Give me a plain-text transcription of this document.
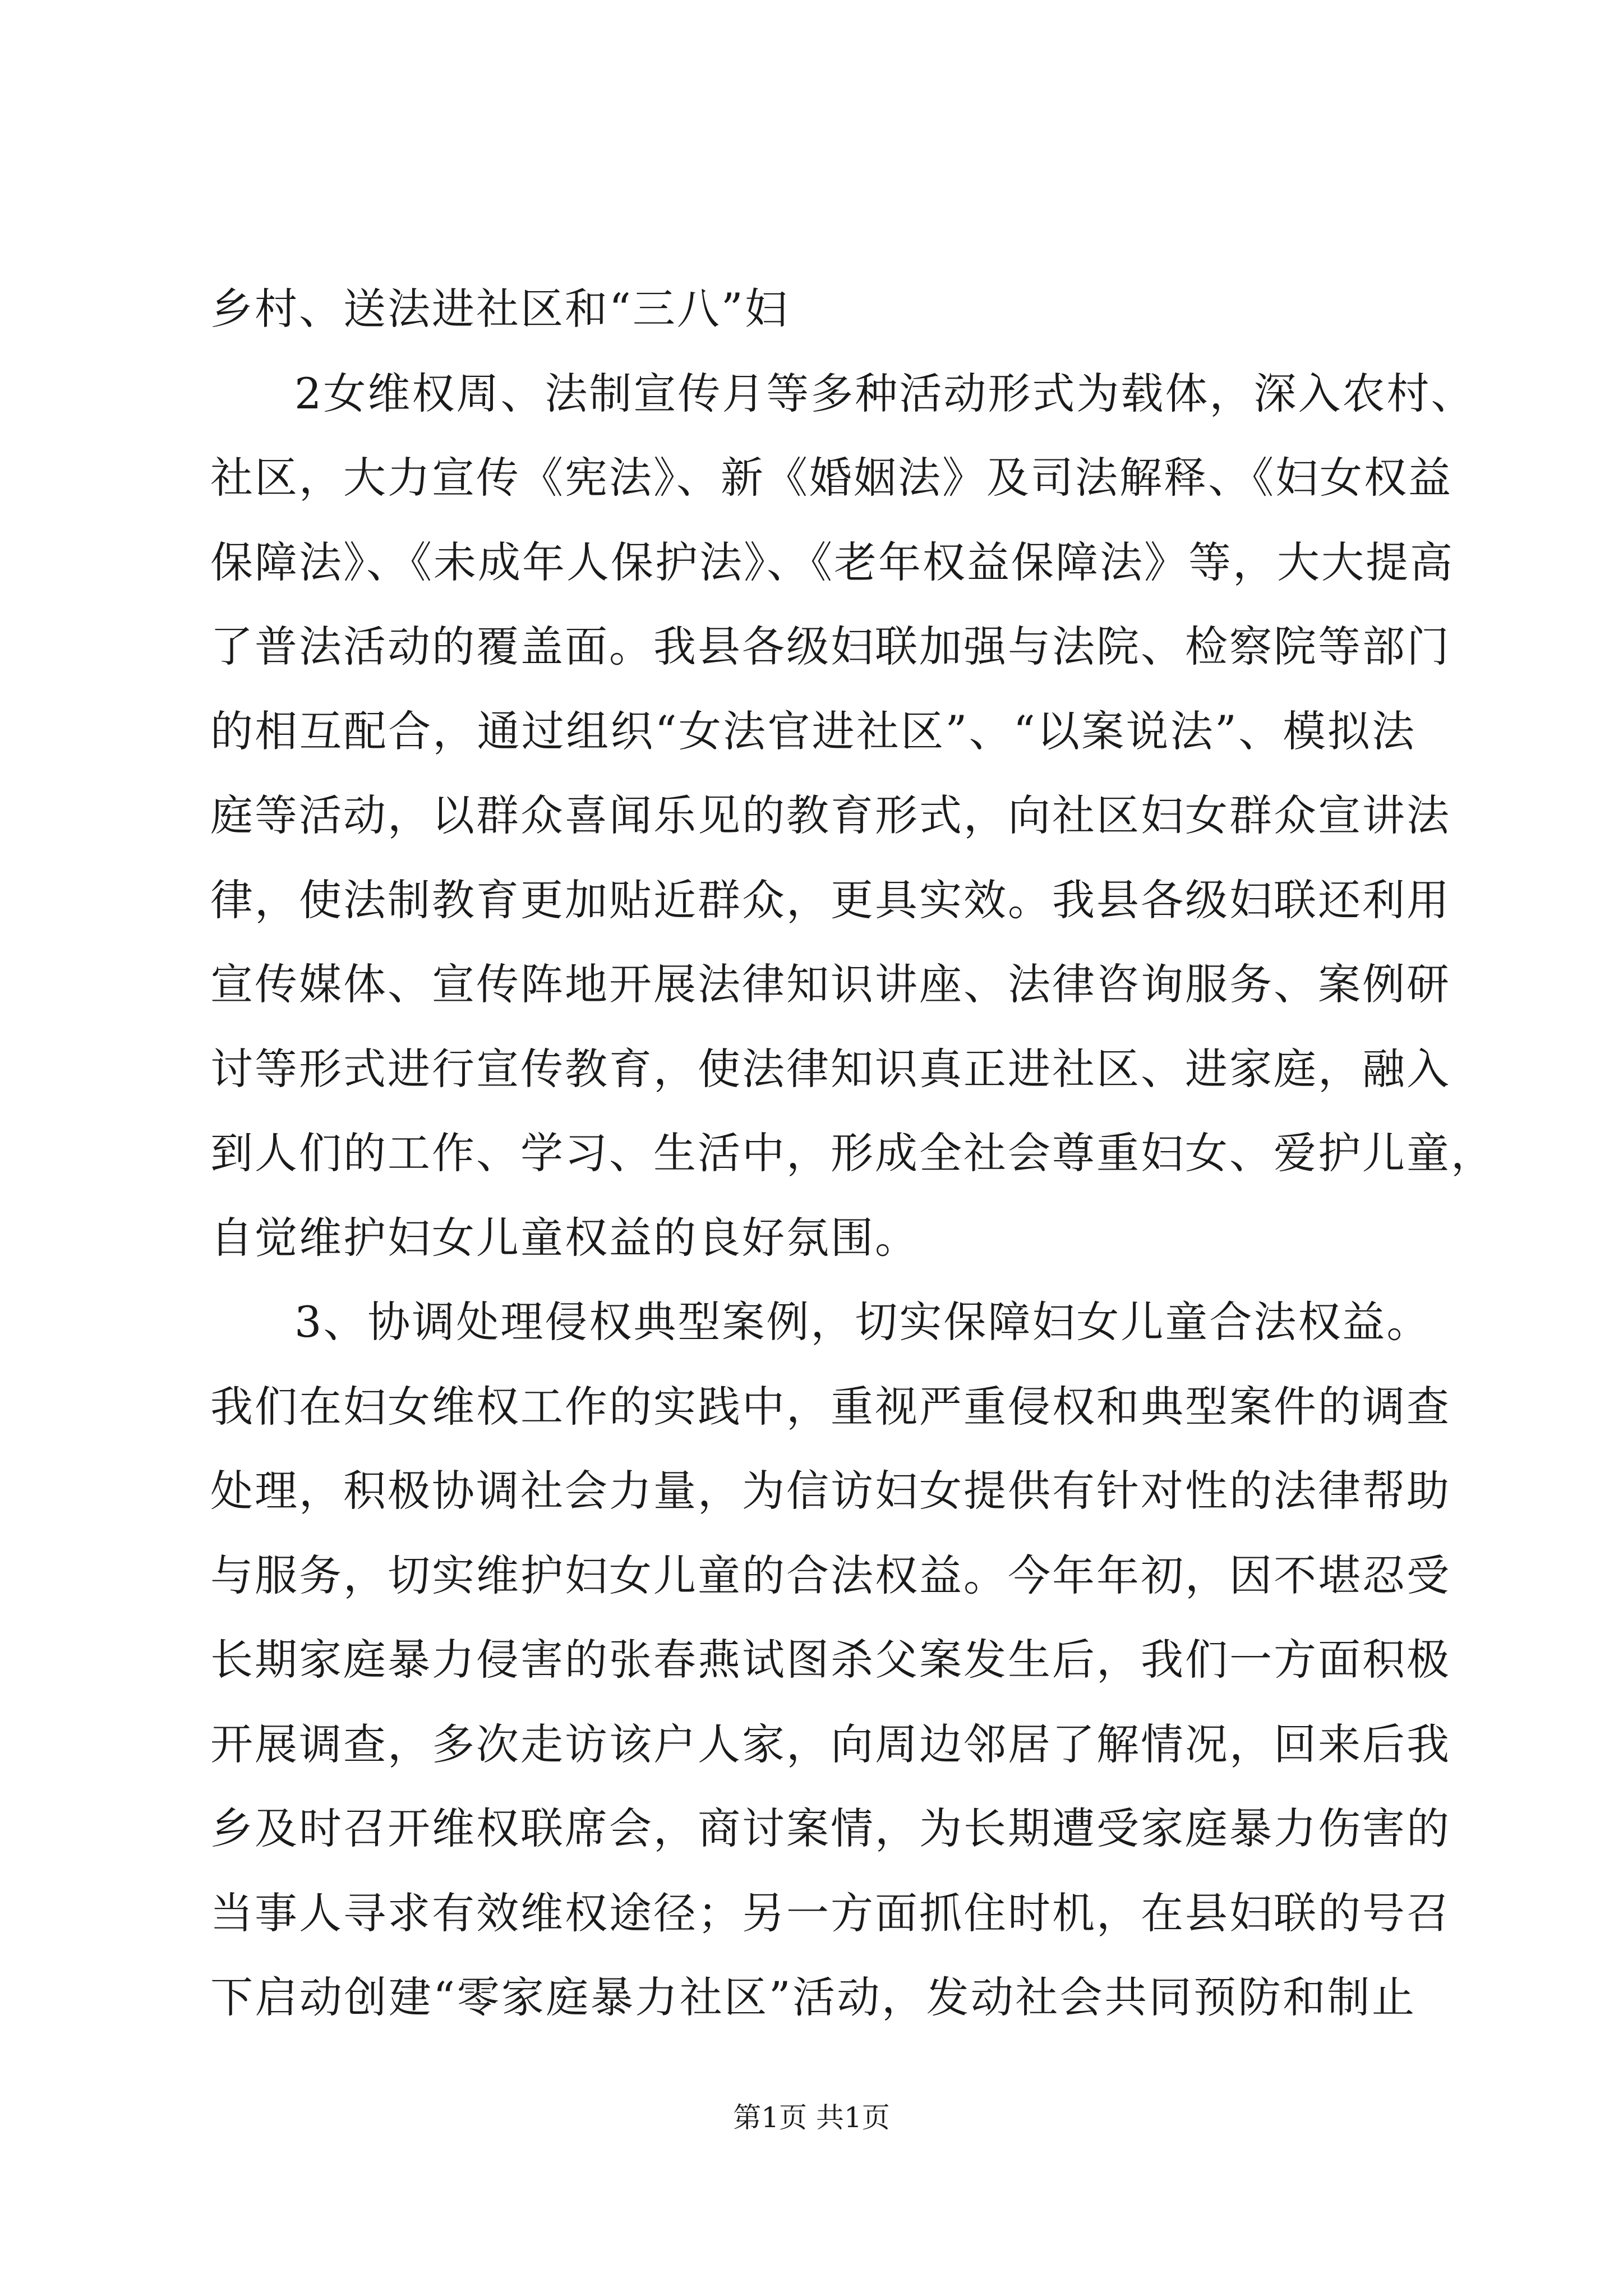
乡村、送法进社区和“三八”妇
2女维权周、法制宣传月等多种活动形式为载体，深入农村、
社区，大力宣传《宪法》、新《婚姻法》及司法解释、《妇女权益
保障法》、《未成年人保护法》、《老年权益保障法》等，大大提高
了普法活动的覆盖面。我县各级妇联加强与法院、检察院等部门
的相互配合，通过组织“女法官进社区”、“以案说法”、模拟法
庭等活动，以群众喜闻乐见的教育形式，向社区妇女群众宣讲法
律，使法制教育更加贴近群众，更具实效。我县各级妇联还利用
宣传媒体、宣传阵地开展法律知识讲座、法律咨询服务、案例研
讨等形式进行宣传教育，使法律知识真正进社区、进家庭，融入
到人们的工作、学习、生活中，形成全社会尊重妇女、爱护儿童，
自觉维护妇女儿童权益的良好氛围。
3、协调处理侵权典型案例，切实保障妇女儿童合法权益。
我们在妇女维权工作的实践中，重视严重侵权和典型案件的调查
处理，积极协调社会力量，为信访妇女提供有针对性的法律帮助
与服务，切实维护妇女儿童的合法权益。今年年初，因不堪忍受
长期家庭暴力侵害的张春燕试图杀父案发生后，我们一方面积极
开展调查，多次走访该户人家，向周边邻居了解情况，回来后我
乡及时召开维权联席会，商讨案情，为长期遭受家庭暴力伤害的
当事人寻求有效维权途径；另一方面抓住时机，在县妇联的号召
下启动创建“零家庭暴力社区”活动，发动社会共同预防和制止
第1页 共1页
